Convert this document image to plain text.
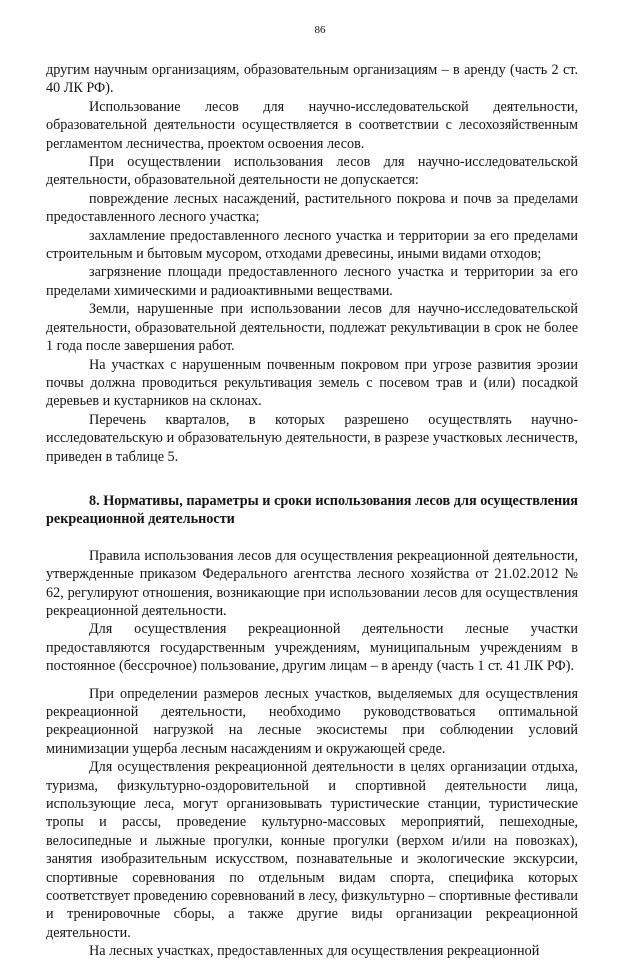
86

другим научным организациям, образовательным организациям – в аренду (часть 2 ст. 40 ЛК РФ).

Использование лесов для научно-исследовательской деятельности, образовательной деятельности осуществляется в соответствии с лесохозяйственным регламентом лесничества, проектом освоения лесов.

При осуществлении использования лесов для научно-исследовательской деятельности, образовательной деятельности не допускается:

повреждение лесных насаждений, растительного покрова и почв за пределами предоставленного лесного участка;

захламление предоставленного лесного участка и территории за его пределами строительным и бытовым мусором, отходами древесины, иными видами отходов;

загрязнение площади предоставленного лесного участка и территории за его пределами химическими и радиоактивными веществами.

Земли, нарушенные при использовании лесов для научно-исследовательской деятельности, образовательной деятельности, подлежат рекультивации в срок не более 1 года после завершения работ.

На участках с нарушенным почвенным покровом при угрозе развития эрозии почвы должна проводиться рекультивация земель с посевом трав и (или) посадкой деревьев и кустарников на склонах.

Перечень кварталов, в которых разрешено осуществлять научно-исследовательскую и образовательную деятельности, в разрезе участковых лесничеств, приведен в таблице 5.

8. Нормативы, параметры и сроки использования лесов для осуществления рекреационной деятельности

Правила использования лесов для осуществления рекреационной деятельности, утвержденные приказом Федерального агентства лесного хозяйства от 21.02.2012 № 62, регулируют отношения, возникающие при использовании лесов для осуществления рекреационной деятельности.

Для осуществления рекреационной деятельности лесные участки предоставляются государственным учреждениям, муниципальным учреждениям в постоянное (бессрочное) пользование, другим лицам – в аренду (часть 1 ст. 41 ЛК РФ).

При определении размеров лесных участков, выделяемых для осуществления рекреационной деятельности, необходимо руководствоваться оптимальной рекреационной нагрузкой на лесные экосистемы при соблюдении условий минимизации ущерба лесным насаждениям и окружающей среде.

Для осуществления рекреационной деятельности в целях организации отдыха, туризма, физкультурно-оздоровительной и спортивной деятельности лица, использующие леса, могут организовывать туристические станции, туристические тропы и рассы, проведение культурно-массовых мероприятий, пешеходные, велосипедные и лыжные прогулки, конные прогулки (верхом и/или на повозках), занятия изобразительным искусством, познавательные и экологические экскурсии, спортивные соревнования по отдельным видам спорта, специфика которых соответствует проведению соревнований в лесу, физкультурно – спортивные фестивали и тренировочные сборы, а также другие виды организации рекреационной деятельности.

На лесных участках, предоставленных для осуществления рекреационной
